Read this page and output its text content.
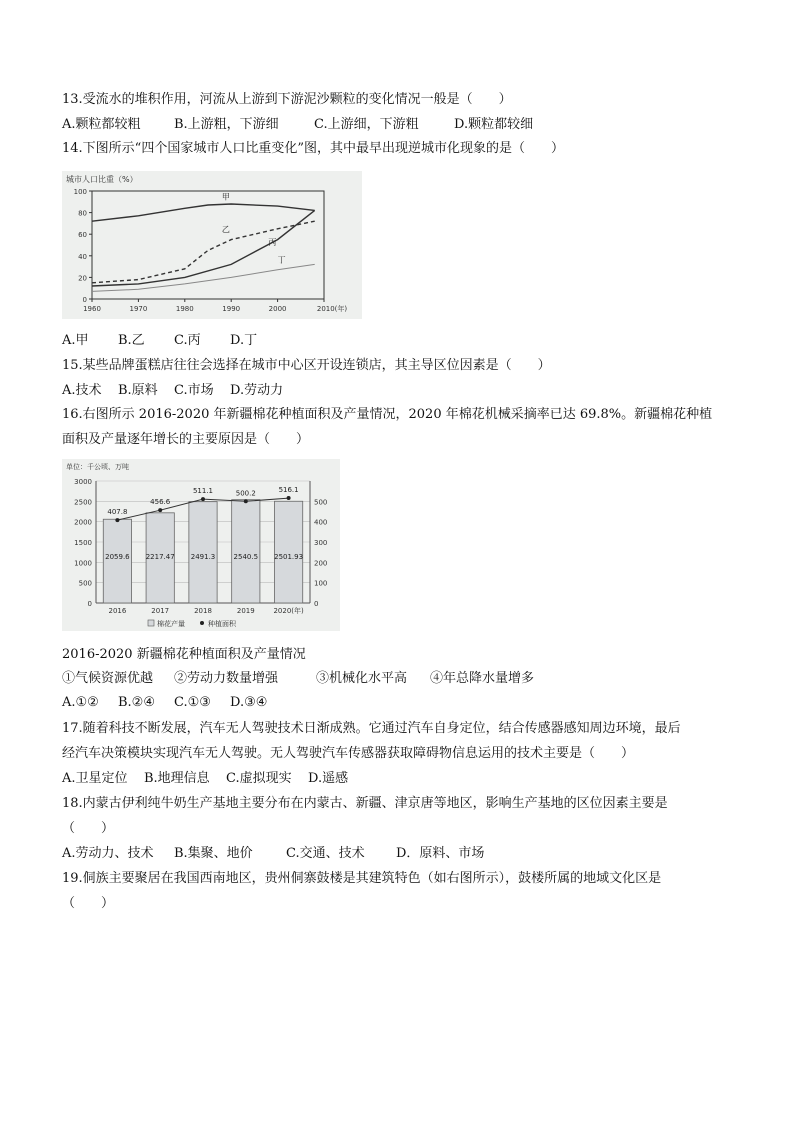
13.受流水的堆积作用，河流从上游到下游泥沙颗粒的变化情况一般是（　　）
A.颗粒都较粗	B.上游粗，下游细	C.上游细，下游粗	D.颗粒都较细
14.下图所示“四个国家城市人口比重变化”图，其中最早出现逆城市化现象的是（　　）
城市人口比重（%）
0
20
40
60
80
100
1960	1970	1980	1990	2000	2010(年)
甲
乙
丙
丁
A.甲 B.乙 C.丙 D.丁
15.某些品牌蛋糕店往往会选择在城市中心区开设连锁店，其主导区位因素是（　　）
A.技术 B.原料 C.市场 D.劳动力
16.右图所示 2016-2020 年新疆棉花种植面积及产量情况，2020 年棉花机械采摘率已达 69.8%。新疆棉花种植
面积及产量逐年增长的主要原因是（　　）
单位：千公顷、万吨
0
500
1000
1500
2000
2500
3000
0
100
200
300
400
500
2059.6 2217.47 2491.3	2540.5 2501.93
407.8
456.6
511.1	500.2	516.1
2016	2017	2018	2019	2020(年)
棉花产量	种植面积
2016-2020 新疆棉花种植面积及产量情况
①气候资源优越 ②劳动力数量增强	③机械化水平高 ④年总降水量增多
A.①② B.②④ C.①③ D.③④
17.随着科技不断发展，汽车无人驾驶技术日渐成熟。它通过汽车自身定位，结合传感器感知周边环境，最后
经汽车决策模块实现汽车无人驾驶。无人驾驶汽车传感器获取障碍物信息运用的技术主要是（　　）
A.卫星定位 B.地理信息 C.虚拟现实 D.遥感
18.内蒙古伊利纯牛奶生产基地主要分布在内蒙古、新疆、津京唐等地区，影响生产基地的区位因素主要是
（　　）
A.劳动力、技术 B.集聚、地价	C.交通、技术 D．原料、市场
19.侗族主要聚居在我国西南地区，贵州侗寨鼓楼是其建筑特色（如右图所示），鼓楼所属的地域文化区是
（　　）
